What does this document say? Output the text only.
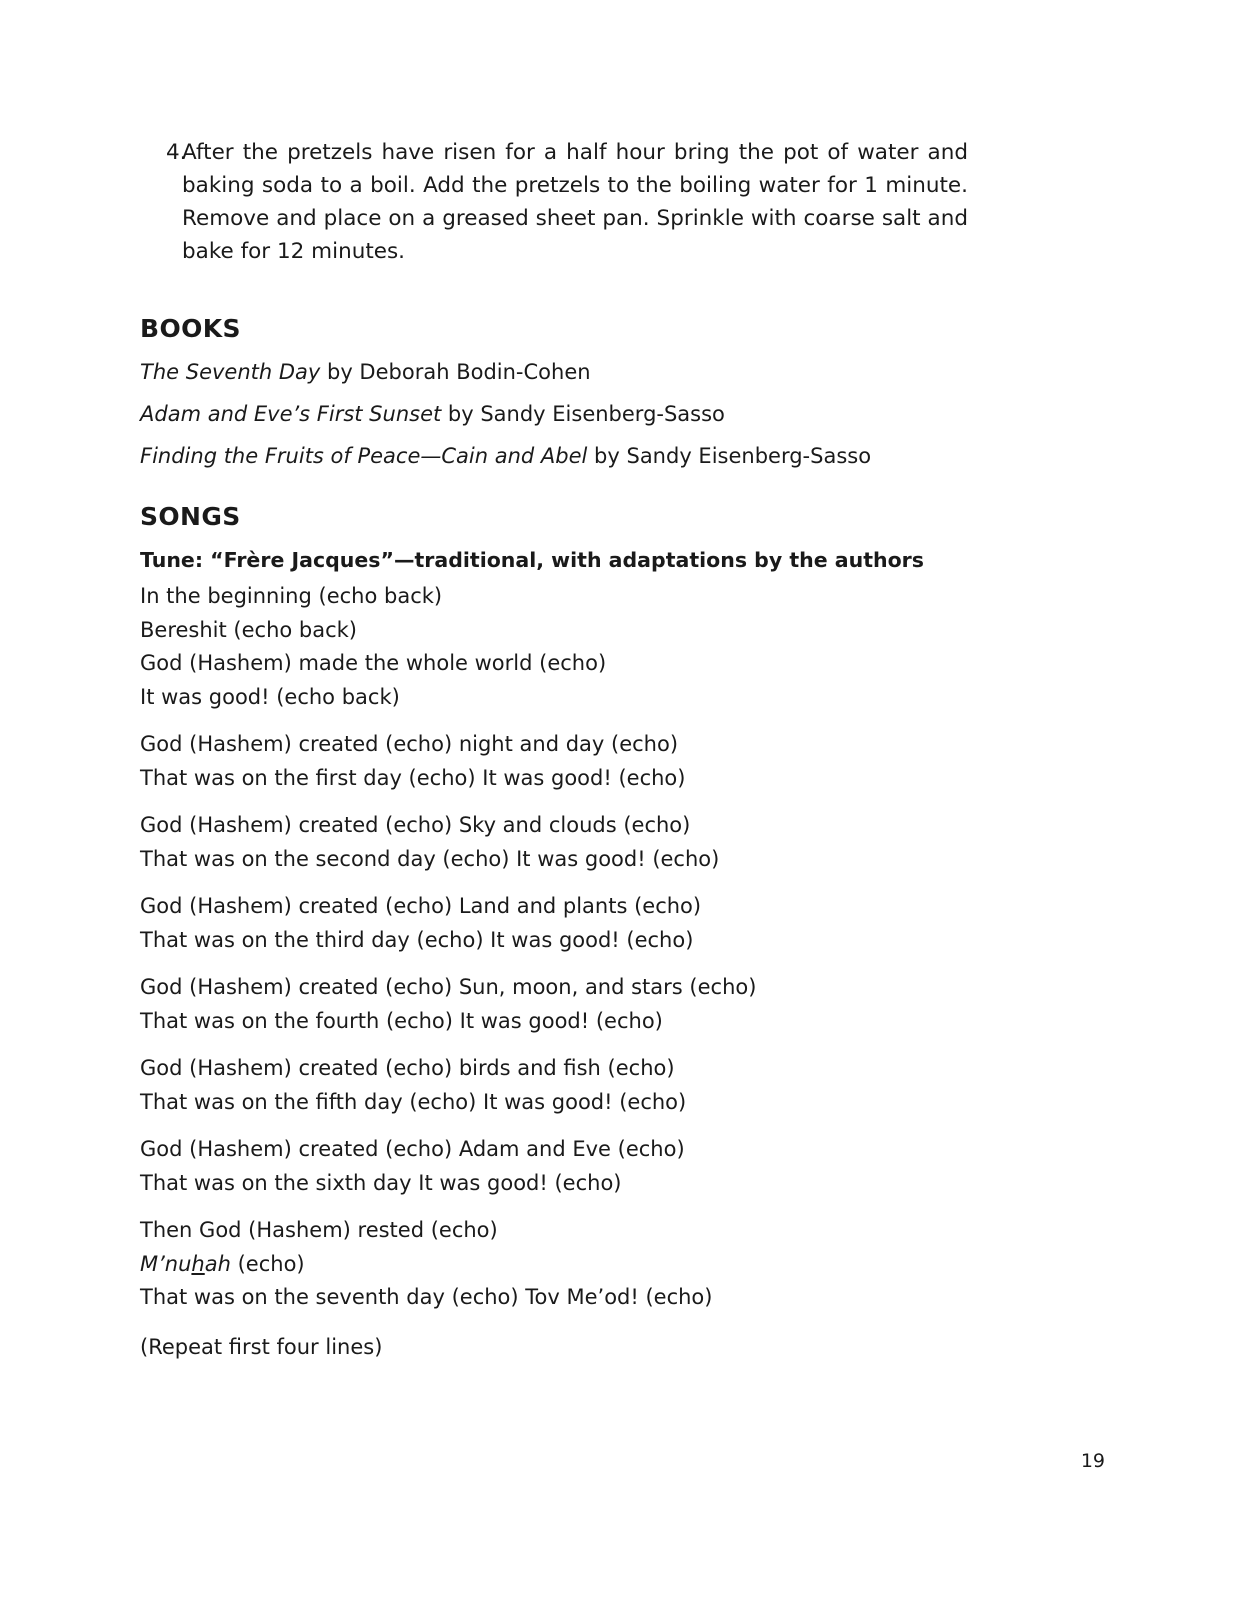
4.
After the pretzels have risen for a half hour bring the pot of water and baking soda to a boil. Add the pretzels to the boiling water for 1 minute. Remove and place on a greased sheet pan. Sprinkle with coarse salt and bake for 12 minutes.
BOOKS
The Seventh Day by Deborah Bodin-Cohen
Adam and Eve’s First Sunset by Sandy Eisenberg-Sasso
Finding the Fruits of Peace—Cain and Abel by Sandy Eisenberg-Sasso
SONGS

Tune: “Frère Jacques”—traditional, with adaptations by the authors

In the beginning (echo back)
Bereshit (echo back)
God (Hashem) made the whole world (echo)
It was good! (echo back)
God (Hashem) created (echo) night and day (echo)
That was on the first day (echo) It was good! (echo)
God (Hashem) created (echo) Sky and clouds (echo)
That was on the second day (echo) It was good! (echo)
God (Hashem) created (echo) Land and plants (echo)
That was on the third day (echo) It was good! (echo)
God (Hashem) created (echo) Sun, moon, and stars (echo)
That was on the fourth (echo) It was good! (echo)
God (Hashem) created (echo) birds and fish (echo)
That was on the fifth day (echo) It was good! (echo)
God (Hashem) created (echo) Adam and Eve (echo)
That was on the sixth day It was good! (echo)
Then God (Hashem) rested (echo)
M’nuhah (echo)
That was on the seventh day (echo) Tov Me’od! (echo)
(Repeat first four lines)
19
